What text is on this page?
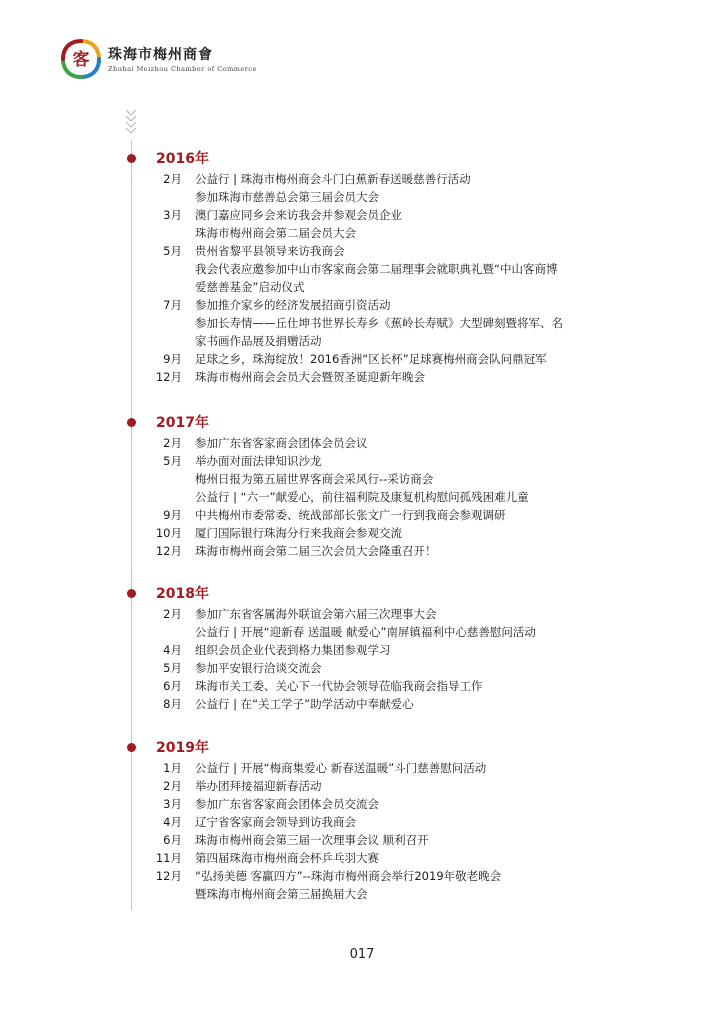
客 珠海市梅州商會
Zhuhai Meizhou Chamber of Commerce
2016年
2月 公益行 | 珠海市梅州商会斗门白蕉新春送暖慈善行活动
参加珠海市慈善总会第三届会员大会
3月 澳门嘉应同乡会来访我会并参观会员企业
珠海市梅州商会第二届会员大会
5月 贵州省黎平县领导来访我商会
我会代表应邀参加中山市客家商会第二届理事会就职典礼暨“中山客商博
爱慈善基金”启动仪式
7月 参加推介家乡的经济发展招商引资活动
参加长寿情——丘仕坤书世界长寿乡《蕉岭长寿赋》大型碑刻暨将军、名
家书画作品展及捐赠活动
9月 足球之乡，珠海绽放！2016香洲“区长杯”足球赛梅州商会队问鼎冠军
12月 珠海市梅州商会会员大会暨贺圣诞迎新年晚会
2017年
2月 参加广东省客家商会团体会员会议
5月 举办面对面法律知识沙龙
梅州日报为第五届世界客商会采风行--采访商会
公益行 | “六一”献爱心，前往福利院及康复机构慰问孤残困难儿童
9月 中共梅州市委常委、统战部部长张文广一行到我商会参观调研
10月 厦门国际银行珠海分行来我商会参观交流
12月 珠海市梅州商会第二届三次会员大会隆重召开！
2018年
2月 参加广东省客属海外联谊会第六届三次理事大会
公益行 | 开展“迎新春 送温暖 献爱心”南屏镇福利中心慈善慰问活动
4月 组织会员企业代表到格力集团参观学习
5月 参加平安银行洽谈交流会
6月 珠海市关工委、关心下一代协会领导莅临我商会指导工作
8月 公益行 | 在“关工学子”助学活动中奉献爱心
2019年
1月 公益行 | 开展“梅商集爱心 新春送温暖”斗门慈善慰问活动
2月 举办团拜接福迎新春活动
3月 参加广东省客家商会团体会员交流会
4月 辽宁省客家商会领导到访我商会
6月 珠海市梅州商会第三届一次理事会议 顺利召开
11月 第四届珠海市梅州商会杯乒乓羽大赛
12月 “弘扬美德 客赢四方”--珠海市梅州商会举行2019年敬老晚会
暨珠海市梅州商会第三届换届大会
017
